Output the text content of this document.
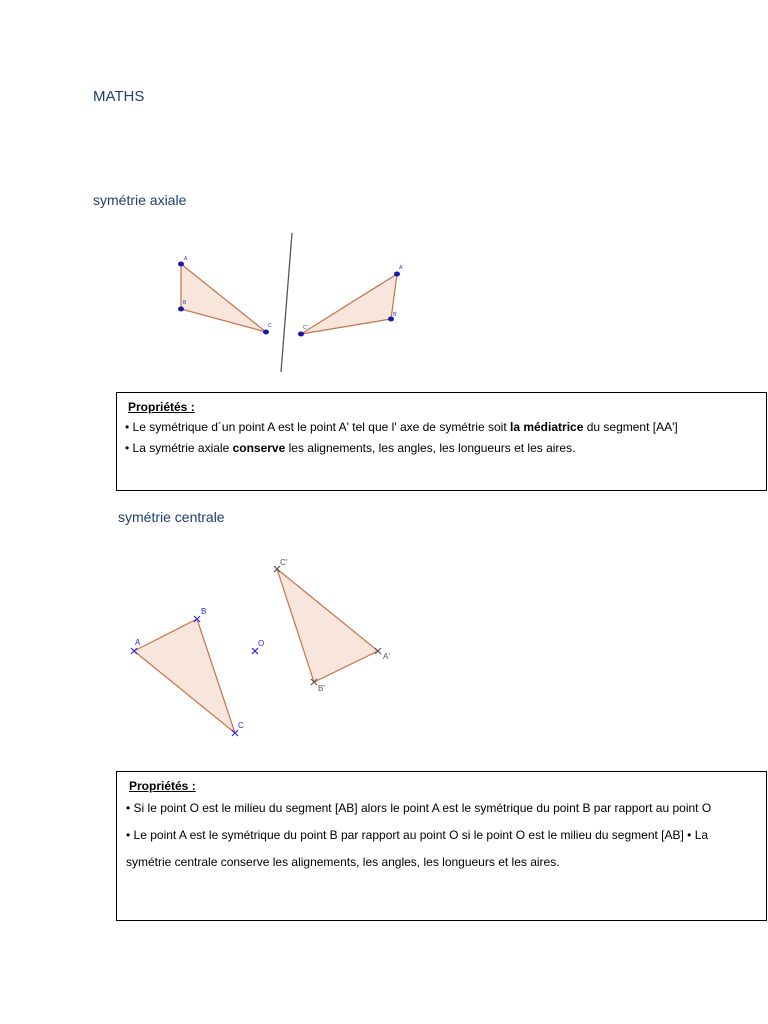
MATHS
symétrie axiale
A
B
C
A'
B'
C'
Propriétés :
• Le symétrique d´un point A est le point A' tel que l' axe de symétrie soit la médiatrice du segment [AA'] • La symétrie axiale conserve les alignements, les angles, les longueurs et les aires.
symétrie centrale
A
B
C
O
A'
B'
C'
Propriétés :
• Si le point O est le milieu du segment [AB] alors le point A est le symétrique du point B par rapport au point O • Le point A est le symétrique du point B par rapport au point O si le point O est le milieu du segment [AB] • La symétrie centrale conserve les alignements, les angles, les longueurs et les aires.
